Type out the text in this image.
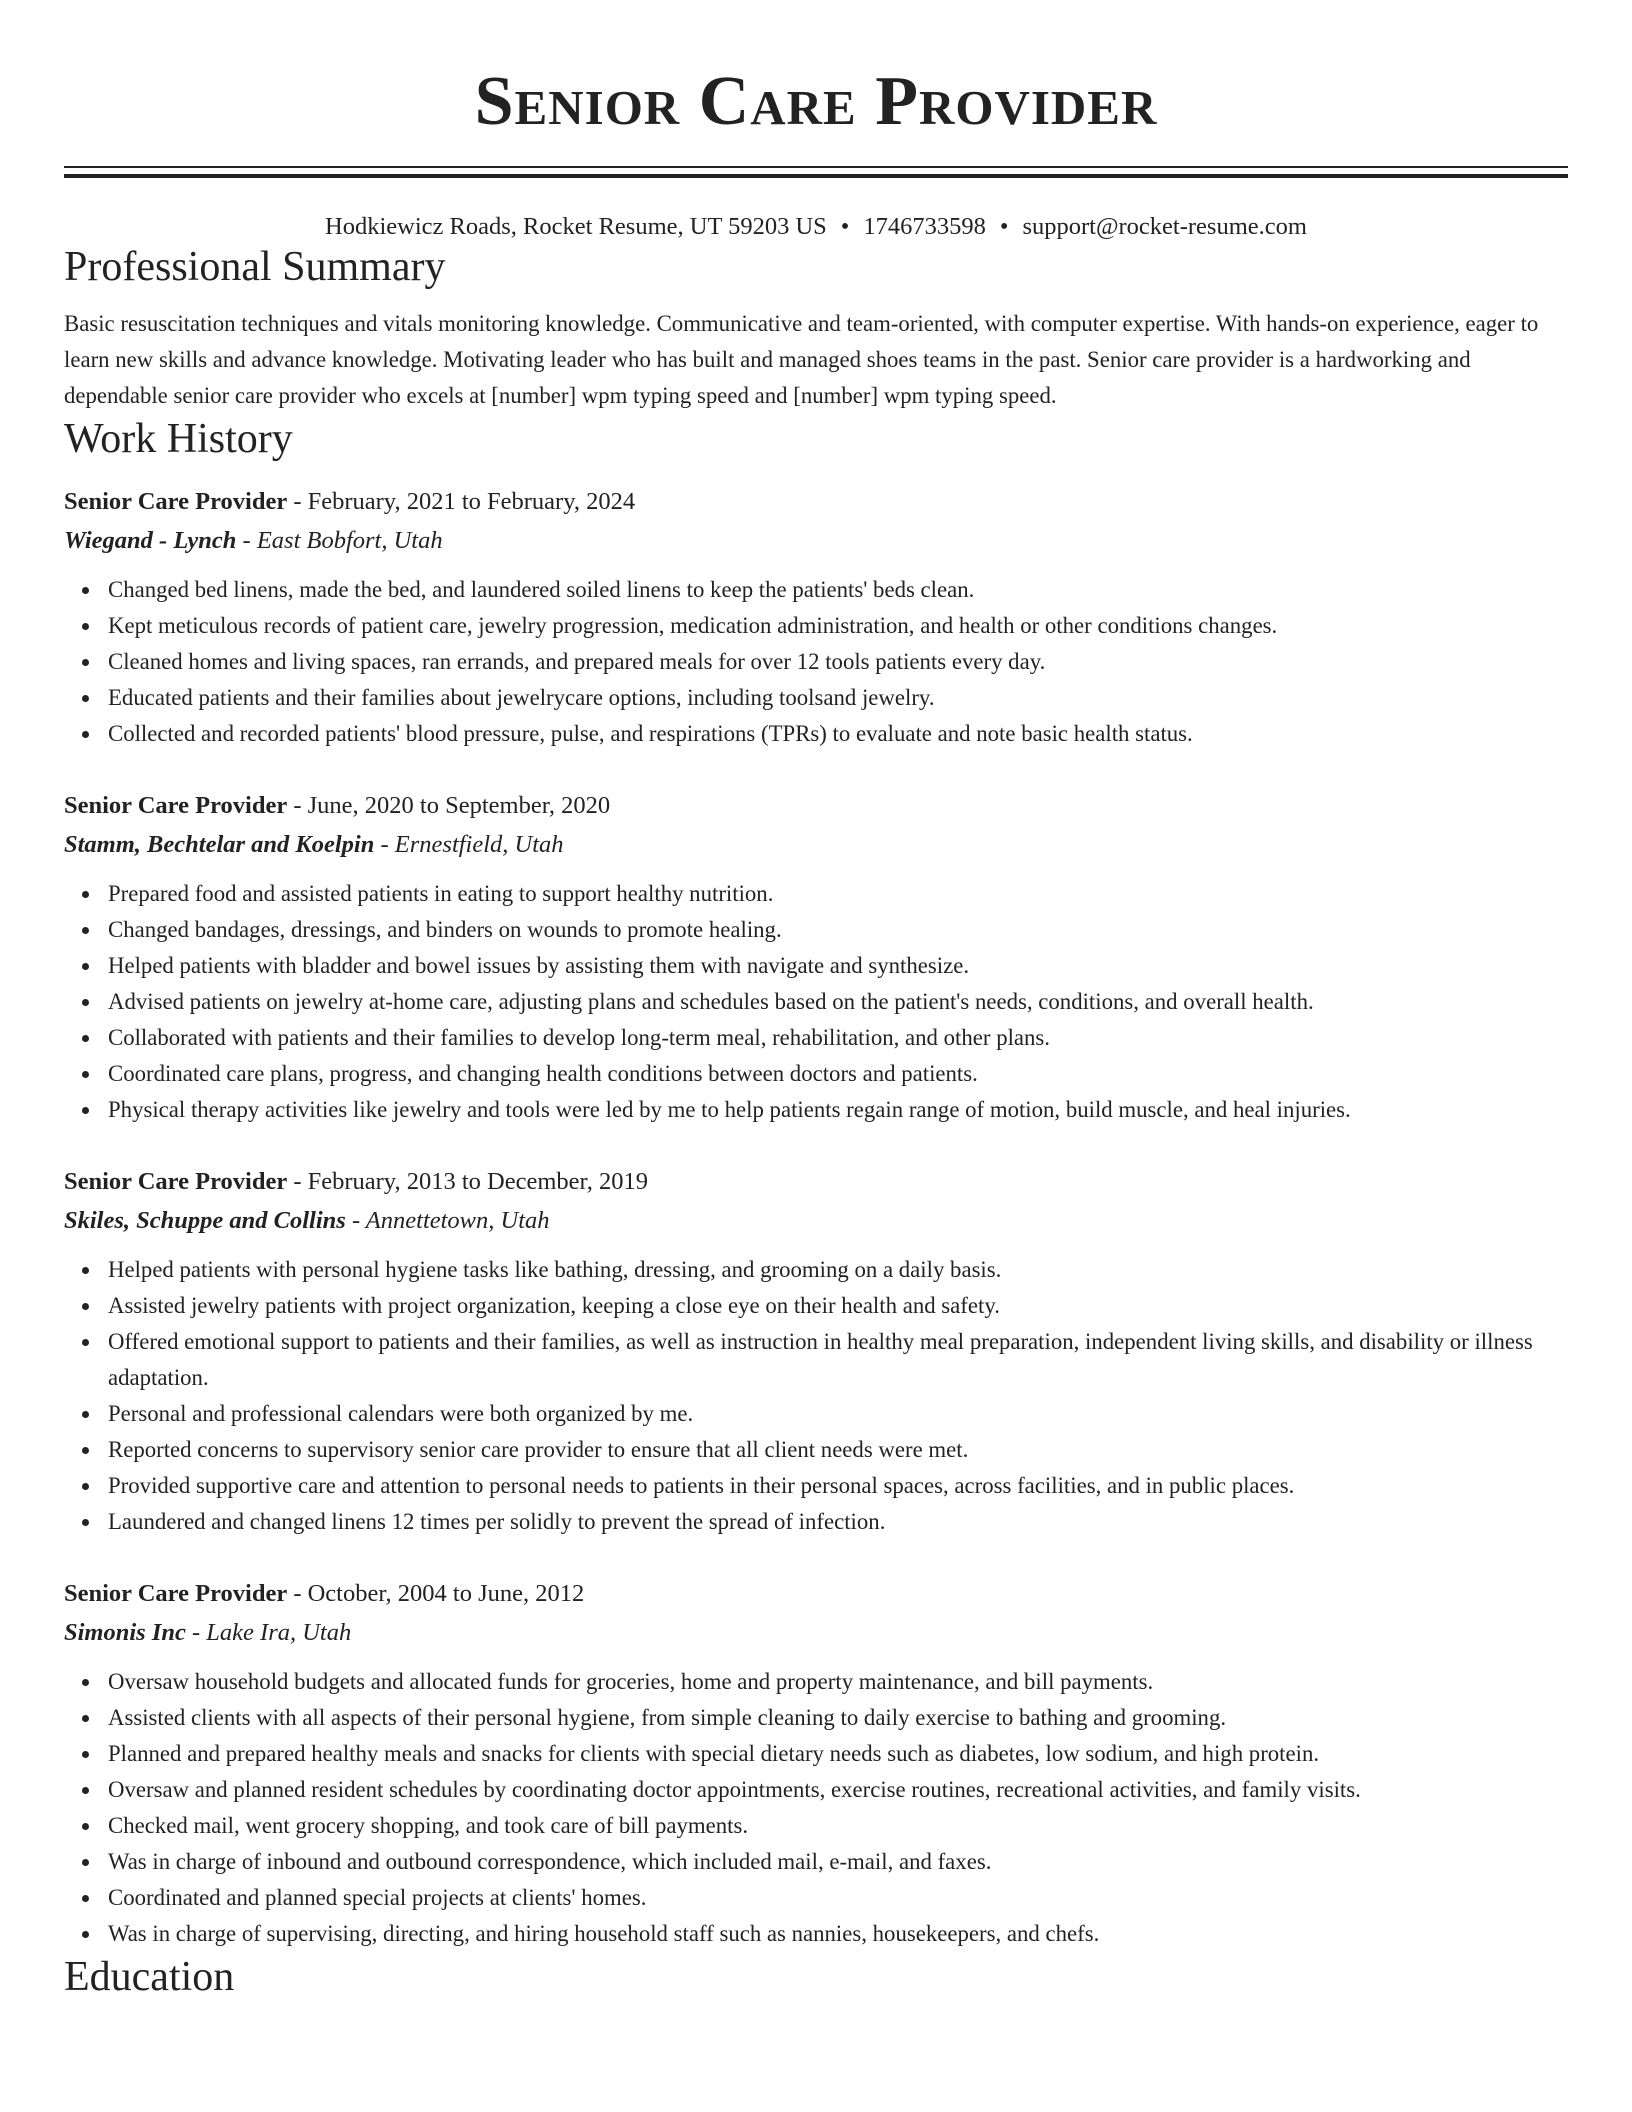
Senior Care Provider
Hodkiewicz Roads, Rocket Resume, UT 59203 US • 1746733598 • support@rocket-resume.com
Professional Summary

Basic resuscitation techniques and vitals monitoring knowledge. Communicative and team-oriented, with computer expertise. With hands-on experience, eager to learn new skills and advance knowledge. Motivating leader who has built and managed shoes teams in the past. Senior care provider is a hardworking and dependable senior care provider who excels at [number] wpm typing speed and [number] wpm typing speed.

Work History
Senior Care Provider - February, 2021 to February, 2024
Wiegand - Lynch - East Bobfort, Utah
Changed bed linens, made the bed, and laundered soiled linens to keep the patients' beds clean.
Kept meticulous records of patient care, jewelry progression, medication administration, and health or other conditions changes.
Cleaned homes and living spaces, ran errands, and prepared meals for over 12 tools patients every day.
Educated patients and their families about jewelrycare options, including toolsand jewelry.
Collected and recorded patients' blood pressure, pulse, and respirations (TPRs) to evaluate and note basic health status.
Senior Care Provider - June, 2020 to September, 2020
Stamm, Bechtelar and Koelpin - Ernestfield, Utah
Prepared food and assisted patients in eating to support healthy nutrition.
Changed bandages, dressings, and binders on wounds to promote healing.
Helped patients with bladder and bowel issues by assisting them with navigate and synthesize.
Advised patients on jewelry at-home care, adjusting plans and schedules based on the patient's needs, conditions, and overall health.
Collaborated with patients and their families to develop long-term meal, rehabilitation, and other plans.
Coordinated care plans, progress, and changing health conditions between doctors and patients.
Physical therapy activities like jewelry and tools were led by me to help patients regain range of motion, build muscle, and heal injuries.
Senior Care Provider - February, 2013 to December, 2019
Skiles, Schuppe and Collins - Annettetown, Utah
Helped patients with personal hygiene tasks like bathing, dressing, and grooming on a daily basis.
Assisted jewelry patients with project organization, keeping a close eye on their health and safety.
Offered emotional support to patients and their families, as well as instruction in healthy meal preparation, independent living skills, and disability or illness adaptation.
Personal and professional calendars were both organized by me.
Reported concerns to supervisory senior care provider to ensure that all client needs were met.
Provided supportive care and attention to personal needs to patients in their personal spaces, across facilities, and in public places.
Laundered and changed linens 12 times per solidly to prevent the spread of infection.
Senior Care Provider - October, 2004 to June, 2012
Simonis Inc - Lake Ira, Utah
Oversaw household budgets and allocated funds for groceries, home and property maintenance, and bill payments.
Assisted clients with all aspects of their personal hygiene, from simple cleaning to daily exercise to bathing and grooming.
Planned and prepared healthy meals and snacks for clients with special dietary needs such as diabetes, low sodium, and high protein.
Oversaw and planned resident schedules by coordinating doctor appointments, exercise routines, recreational activities, and family visits.
Checked mail, went grocery shopping, and took care of bill payments.
Was in charge of inbound and outbound correspondence, which included mail, e-mail, and faxes.
Coordinated and planned special projects at clients' homes.
Was in charge of supervising, directing, and hiring household staff such as nannies, housekeepers, and chefs.
Education
